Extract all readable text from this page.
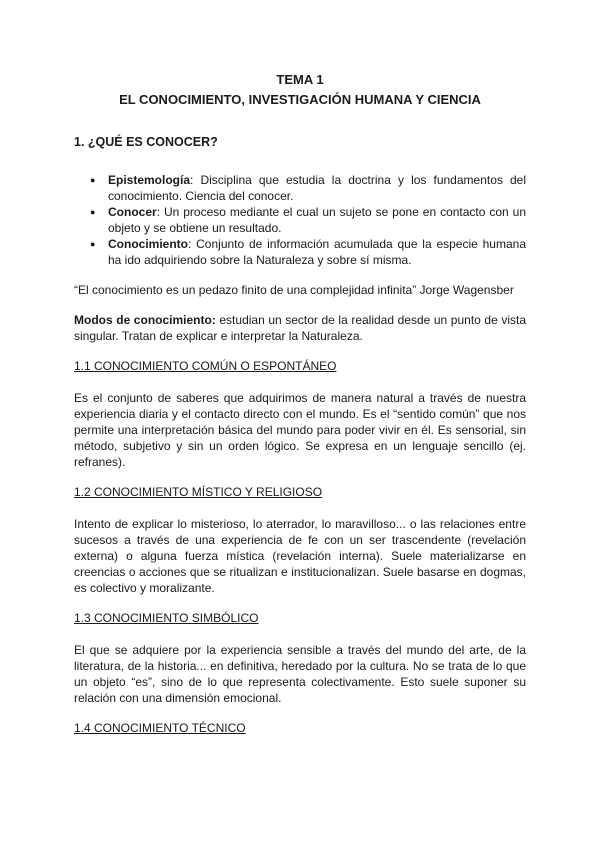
TEMA 1
EL CONOCIMIENTO, INVESTIGACIÓN HUMANA Y CIENCIA
1. ¿QUÉ ES CONOCER?
● Epistemología: Disciplina que estudia la doctrina y los fundamentos del conocimiento. Ciencia del conocer.
● Conocer: Un proceso mediante el cual un sujeto se pone en contacto con un objeto y se obtiene un resultado.
● Conocimiento: Conjunto de información acumulada que la especie humana ha ido adquiriendo sobre la Naturaleza y sobre sí misma.

“El conocimiento es un pedazo finito de una complejidad infinita” Jorge Wagensber

Modos de conocimiento: estudian un sector de la realidad desde un punto de vista singular. Tratan de explicar e interpretar la Naturaleza.

1.1 CONOCIMIENTO COMÚN O ESPONTÁNEO

Es el conjunto de saberes que adquirimos de manera natural a través de nuestra experiencia diaria y el contacto directo con el mundo. Es el “sentido común” que nos permite una interpretación básica del mundo para poder vivir en él. Es sensorial, sin método, subjetivo y sin un orden lógico. Se expresa en un lenguaje sencillo (ej. refranes).

1.2 CONOCIMIENTO MÍSTICO Y RELIGIOSO

Intento de explicar lo misterioso, lo aterrador, lo maravilloso... o las relaciones entre sucesos a través de una experiencia de fe con un ser trascendente (revelación externa) o alguna fuerza mística (revelación interna). Suele materializarse en creencias o acciones que se ritualizan e institucionalizan. Suele basarse en dogmas, es colectivo y moralizante.

1.3 CONOCIMIENTO SIMBÓLICO

El que se adquiere por la experiencia sensible a través del mundo del arte, de la literatura, de la historia... en definitiva, heredado por la cultura. No se trata de lo que un objeto “es”, sino de lo que representa colectivamente. Esto suele suponer su relación con una dimensión emocional.

1.4 CONOCIMIENTO TÉCNICO
